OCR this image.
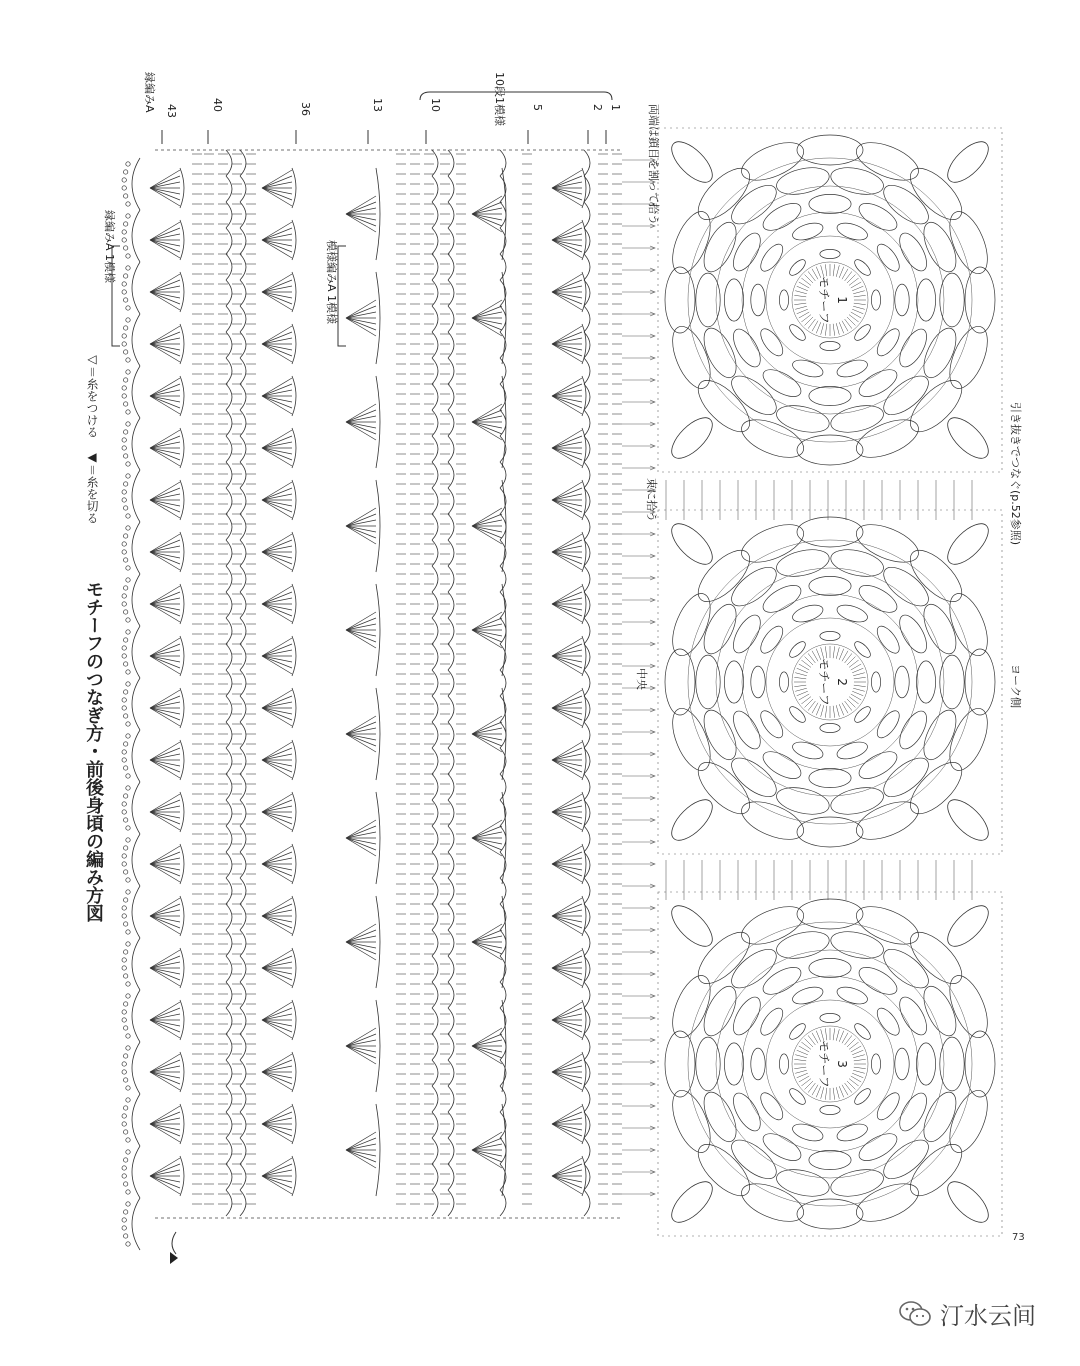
モチーフのつなぎ方・前後身頃の編み方図
◁＝糸をつける　◀＝糸を切る
43	40	36	13	10	5	2 1
縁編みA
縁編みA 1模様	模様編みA 1模様
10段1模様
両端は鎖目を割って拾う
束に拾う
中央
引き抜きでつなぐ(p.52参照)
ヨーク側
モチーフ 1
モチーフ 2
モチーフ 3
73
汀水云间
